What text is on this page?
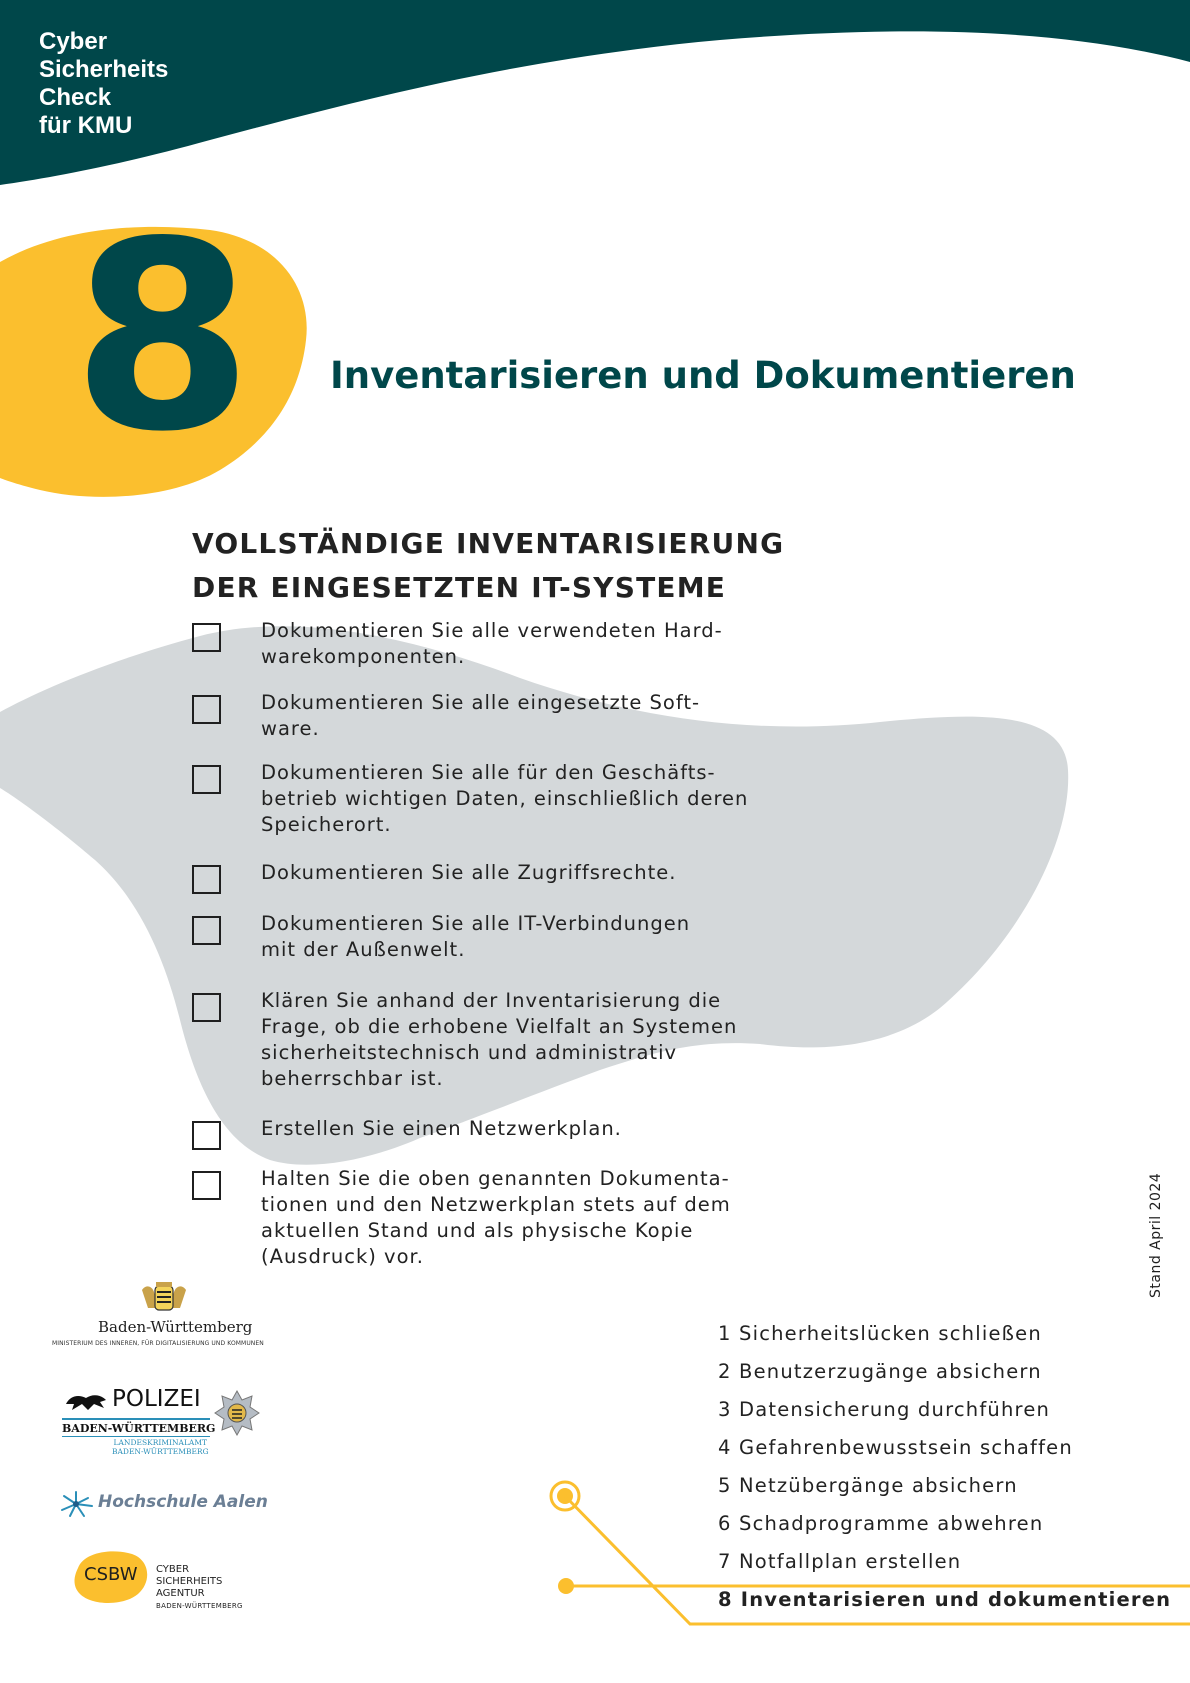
Cyber
Sicherheits
Check
für KMU
8 Inventarisieren und Dokumentieren
VOLLSTÄNDIGE INVENTARISIERUNG
DER EINGESETZTEN IT-SYSTEME
Dokumentieren Sie alle verwendeten Hard-
warekomponenten.
Dokumentieren Sie alle eingesetzte Soft-
ware.
Dokumentieren Sie alle für den Geschäfts-
betrieb wichtigen Daten, einschließlich deren
Speicherort.
Dokumentieren Sie alle Zugriffsrechte.
Dokumentieren Sie alle IT-Verbindungen
mit der Außenwelt.
Klären Sie anhand der Inventarisierung die
Frage, ob die erhobene Vielfalt an Systemen
sicherheitstechnisch und administrativ
beherrschbar ist.
Erstellen Sie einen Netzwerkplan.
Halten Sie die oben genannten Dokumenta-
tionen und den Netzwerkplan stets auf dem
aktuellen Stand und als physische Kopie
(Ausdruck) vor.	Stand April 2024
1 Sicherheitslücken schließen
2 Benutzerzugänge absichern
3 Datensicherung durchführen
4 Gefahrenbewusstsein schaffen
5 Netzübergänge absichern
6 Schadprogramme abwehren
7 Notfallplan erstellen
8 Inventarisieren und dokumentieren
Baden-Württemberg
MINISTERIUM DES INNEREN, FÜR DIGITALISIERUNG UND KOMMUNEN
POLIZEI
BADEN-WÜRTTEMBERG
LANDESKRIMINALAMT
BADEN-WÜRTTEMBERG
Hochschule Aalen
CSBW CYBER
SICHERHEITS
AGENTUR
BADEN-WÜRTTEMBERG
